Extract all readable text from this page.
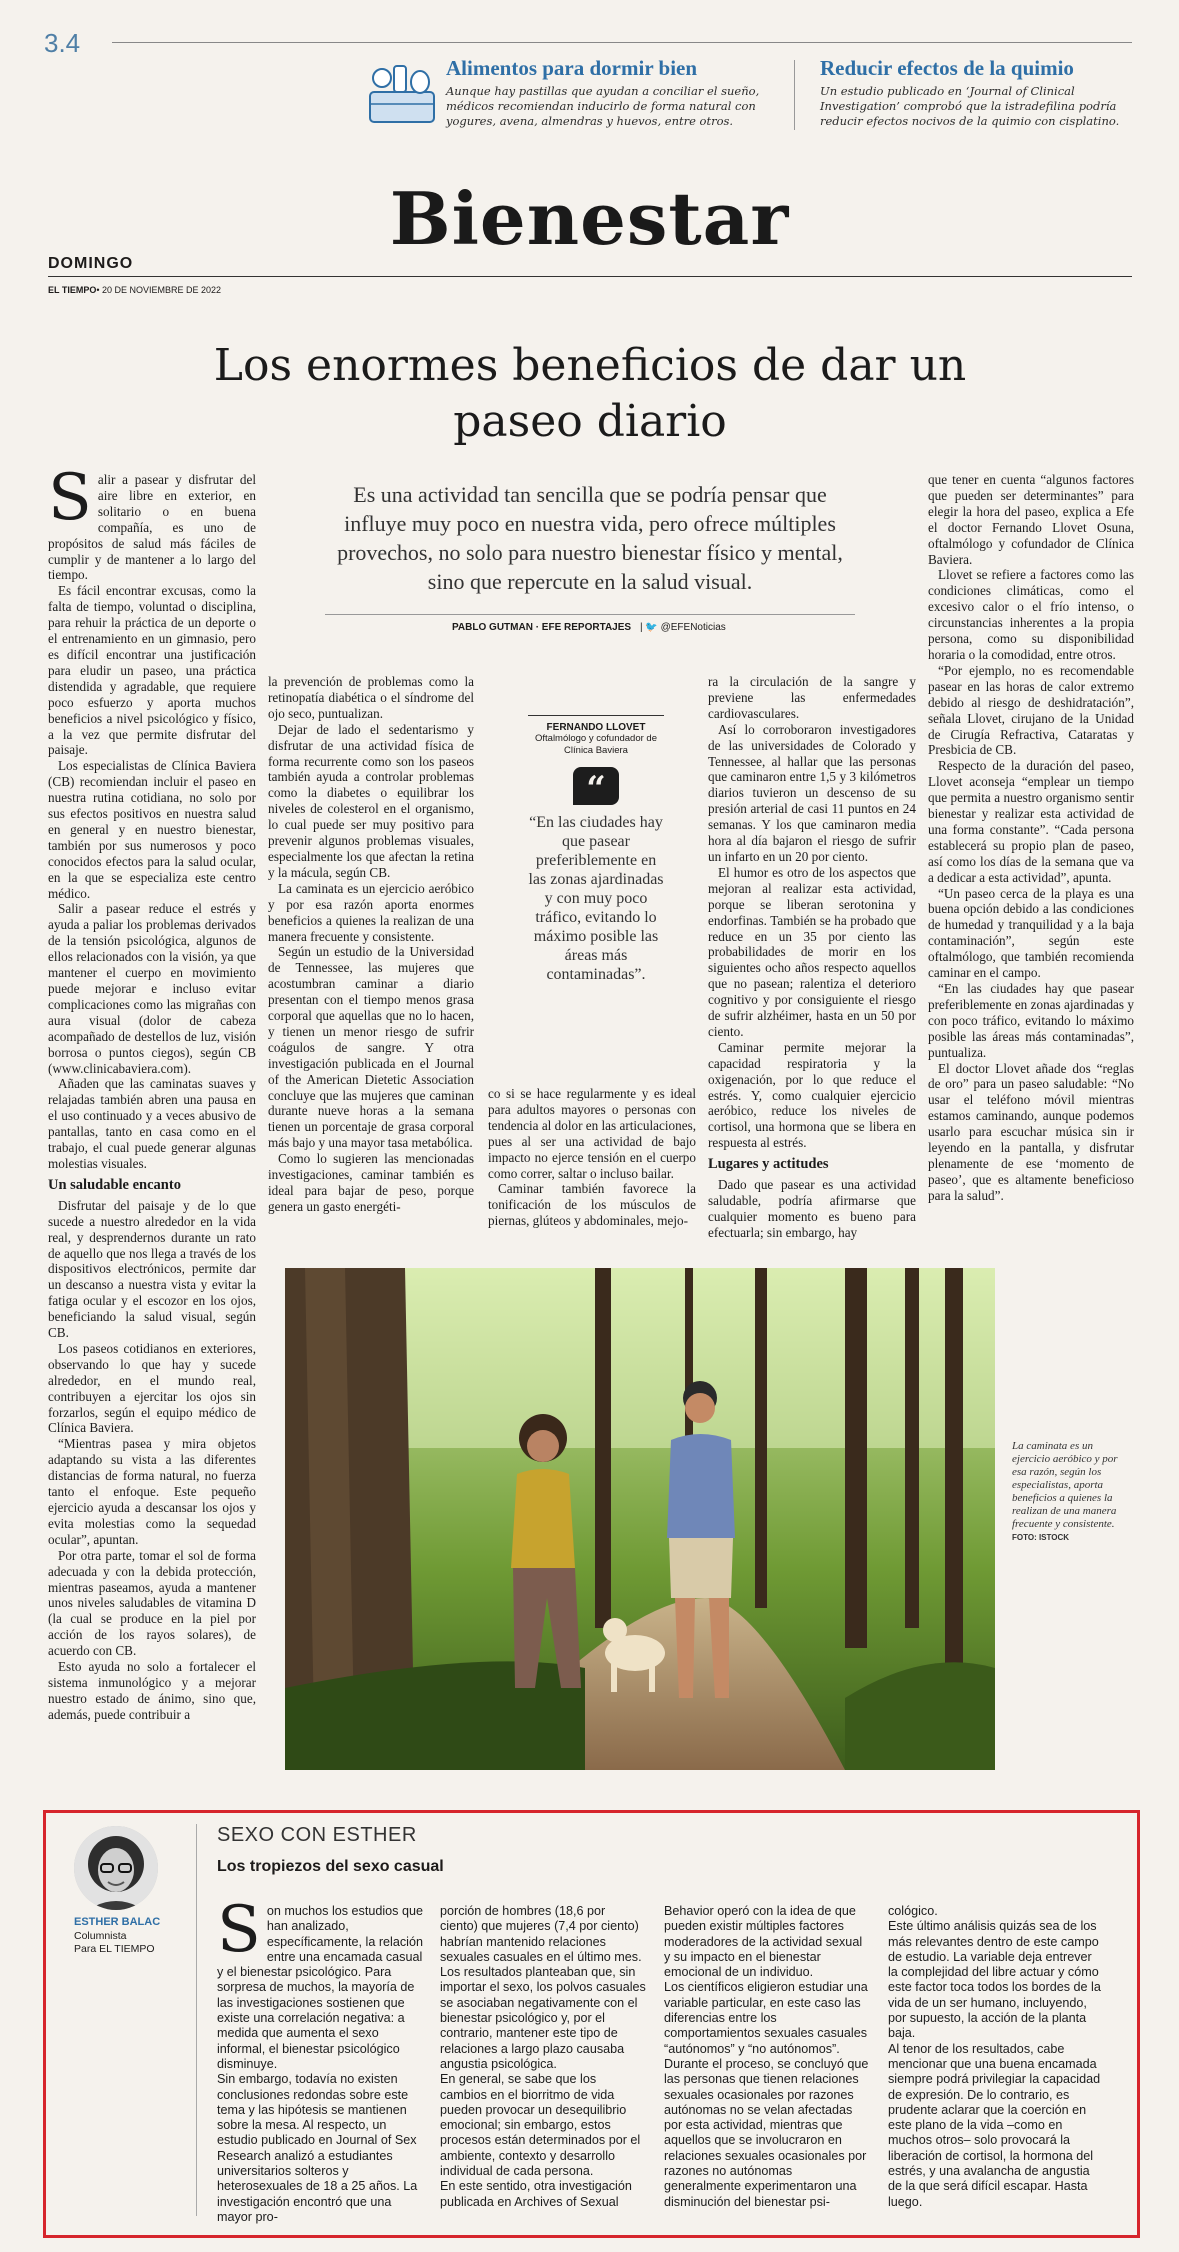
3.4
Alimentos para dormir bien
Aunque hay pastillas que ayudan a conciliar el sueño, médicos recomiendan inducirlo de forma natural con yogures, avena, almendras y huevos, entre otros.
Reducir efectos de la quimio
Un estudio publicado en ‘Journal of Clinical Investigation’ comprobó que la istradefilina podría reducir efectos nocivos de la quimio con cisplatino.
Bienestar
DOMINGO
EL TIEMPO• 20 DE NOVIEMBRE DE 2022
Los enormes beneficios de dar un paseo diario
Es una actividad tan sencilla que se podría pensar que influye muy poco en nuestra vida, pero ofrece múltiples provechos, no solo para nuestro bienestar físico y mental, sino que repercute en la salud visual.
PABLO GUTMAN · EFE REPORTAJES | 🐦 @EFENoticias

Salir a pasear y disfrutar del aire libre en exterior, en solitario o en buena compañía, es uno de propósitos de salud más fáciles de cumplir y de mantener a lo largo del tiempo.

Es fácil encontrar excusas, como la falta de tiempo, voluntad o disciplina, para rehuir la práctica de un deporte o el entrenamiento en un gimnasio, pero es difícil encontrar una justificación para eludir un paseo, una práctica distendida y agradable, que requiere poco esfuerzo y aporta muchos beneficios a nivel psicológico y físico, a la vez que permite disfrutar del paisaje.

Los especialistas de Clínica Baviera (CB) recomiendan incluir el paseo en nuestra rutina cotidiana, no solo por sus efectos positivos en nuestra salud en general y en nuestro bienestar, también por sus numerosos y poco conocidos efectos para la salud ocular, en la que se especializa este centro médico.

Salir a pasear reduce el estrés y ayuda a paliar los problemas derivados de la tensión psicológica, algunos de ellos relacionados con la visión, ya que mantener el cuerpo en movimiento puede mejorar e incluso evitar complicaciones como las migrañas con aura visual (dolor de cabeza acompañado de destellos de luz, visión borrosa o puntos ciegos), según CB (www.clinicabaviera.com).

Añaden que las caminatas suaves y relajadas también abren una pausa en el uso continuado y a veces abusivo de pantallas, tanto en casa como en el trabajo, el cual puede generar algunas molestias visuales.

Un saludable encanto

Disfrutar del paisaje y de lo que sucede a nuestro alrededor en la vida real, y desprendernos durante un rato de aquello que nos llega a través de los dispositivos electrónicos, permite dar un descanso a nuestra vista y evitar la fatiga ocular y el escozor en los ojos, beneficiando la salud visual, según CB.

Los paseos cotidianos en exteriores, observando lo que hay y sucede alrededor, en el mundo real, contribuyen a ejercitar los ojos sin forzarlos, según el equipo médico de Clínica Baviera.

“Mientras pasea y mira objetos adaptando su vista a las diferentes distancias de forma natural, no fuerza tanto el enfoque. Este pequeño ejercicio ayuda a descansar los ojos y evita molestias como la sequedad ocular”, apuntan.

Por otra parte, tomar el sol de forma adecuada y con la debida protección, mientras paseamos, ayuda a mantener unos niveles saludables de vitamina D (la cual se produce en la piel por acción de los rayos solares), de acuerdo con CB.

Esto ayuda no solo a fortalecer el sistema inmunológico y a mejorar nuestro estado de ánimo, sino que, además, puede contribuir a

la prevención de problemas como la retinopatía diabética o el síndrome del ojo seco, puntualizan.

Dejar de lado el sedentarismo y disfrutar de una actividad física de forma recurrente como son los paseos también ayuda a controlar problemas como la diabetes o equilibrar los niveles de colesterol en el organismo, lo cual puede ser muy positivo para prevenir algunos problemas visuales, especialmente los que afectan la retina y la mácula, según CB.

La caminata es un ejercicio aeróbico y por esa razón aporta enormes beneficios a quienes la realizan de una manera frecuente y consistente.

Según un estudio de la Universidad de Tennessee, las mujeres que acostumbran caminar a diario presentan con el tiempo menos grasa corporal que aquellas que no lo hacen, y tienen un menor riesgo de sufrir coágulos de sangre. Y otra investigación publicada en el Journal of the American Dietetic Association concluye que las mujeres que caminan durante nueve horas a la semana tienen un porcentaje de grasa corporal más bajo y una mayor tasa metabólica.

Como lo sugieren las mencionadas investigaciones, caminar también es ideal para bajar de peso, porque genera un gasto energéti-

FERNANDO LLOVET
Oftalmólogo y cofundador de Clínica Baviera
“
“En las ciudades hay que pasear preferiblemente en las zonas ajardinadas y con muy poco tráfico, evitando lo máximo posible las áreas más contaminadas”.

co si se hace regularmente y es ideal para adultos mayores o personas con tendencia al dolor en las articulaciones, pues al ser una actividad de bajo impacto no ejerce tensión en el cuerpo como correr, saltar o incluso bailar.

Caminar también favorece la tonificación de los músculos de piernas, glúteos y abdominales, mejo-

ra la circulación de la sangre y previene las enfermedades cardiovasculares.

Así lo corroboraron investigadores de las universidades de Colorado y Tennessee, al hallar que las personas que caminaron entre 1,5 y 3 kilómetros diarios tuvieron un descenso de su presión arterial de casi 11 puntos en 24 semanas. Y los que caminaron media hora al día bajaron el riesgo de sufrir un infarto en un 20 por ciento.

El humor es otro de los aspectos que mejoran al realizar esta actividad, porque se liberan serotonina y endorfinas. También se ha probado que reduce en un 35 por ciento las probabilidades de morir en los siguientes ocho años respecto aquellos que no pasean; ralentiza el deterioro cognitivo y por consiguiente el riesgo de sufrir alzhéimer, hasta en un 50 por ciento.

Caminar permite mejorar la capacidad respiratoria y la oxigenación, por lo que reduce el estrés. Y, como cualquier ejercicio aeróbico, reduce los niveles de cortisol, una hormona que se libera en respuesta al estrés.

Lugares y actitudes

Dado que pasear es una actividad saludable, podría afirmarse que cualquier momento es bueno para efectuarla; sin embargo, hay

que tener en cuenta “algunos factores que pueden ser determinantes” para elegir la hora del paseo, explica a Efe el doctor Fernando Llovet Osuna, oftalmólogo y cofundador de Clínica Baviera.

Llovet se refiere a factores como las condiciones climáticas, como el excesivo calor o el frío intenso, o circunstancias inherentes a la propia persona, como su disponibilidad horaria o la comodidad, entre otros.

“Por ejemplo, no es recomendable pasear en las horas de calor extremo debido al riesgo de deshidratación”, señala Llovet, cirujano de la Unidad de Cirugía Refractiva, Cataratas y Presbicia de CB.

Respecto de la duración del paseo, Llovet aconseja “emplear un tiempo que permita a nuestro organismo sentir bienestar y realizar esta actividad de una forma constante”. “Cada persona establecerá su propio plan de paseo, así como los días de la semana que va a dedicar a esta actividad”, apunta.

“Un paseo cerca de la playa es una buena opción debido a las condiciones de humedad y tranquilidad y a la baja contaminación”, según este oftalmólogo, que también recomienda caminar en el campo.

“En las ciudades hay que pasear preferiblemente en zonas ajardinadas y con poco tráfico, evitando lo máximo posible las áreas más contaminadas”, puntualiza.

El doctor Llovet añade dos “reglas de oro” para un paseo saludable: “No usar el teléfono móvil mientras estamos caminando, aunque podemos usarlo para escuchar música sin ir leyendo en la pantalla, y disfrutar plenamente de ese ‘momento de paseo’, que es altamente beneficioso para la salud”.

La caminata es un ejercicio aeróbico y por esa razón, según los especialistas, aporta beneficios a quienes la realizan de una manera frecuente y consistente.
FOTO: ISTOCK
ESTHER BALAC
Columnista
Para EL TIEMPO
SEXO CON ESTHER
Los tropiezos del sexo casual

Son muchos los estudios que han analizado, específicamente, la relación entre una encamada casual y el bienestar psicológico. Para sorpresa de muchos, la mayoría de las investigaciones sostienen que existe una correlación negativa: a medida que aumenta el sexo informal, el bienestar psicológico disminuye.

Sin embargo, todavía no existen conclusiones redondas sobre este tema y las hipótesis se mantienen sobre la mesa. Al respecto, un estudio publicado en Journal of Sex Research analizó a estudiantes universitarios solteros y heterosexuales de 18 a 25 años. La investigación encontró que una mayor pro-

porción de hombres (18,6 por ciento) que mujeres (7,4 por ciento) habrían mantenido relaciones sexuales casuales en el último mes. Los resultados planteaban que, sin importar el sexo, los polvos casuales se asociaban negativamente con el bienestar psicológico y, por el contrario, mantener este tipo de relaciones a largo plazo causaba angustia psicológica.

En general, se sabe que los cambios en el biorritmo de vida pueden provocar un desequilibrio emocional; sin embargo, estos procesos están determinados por el ambiente, contexto y desarrollo individual de cada persona.

En este sentido, otra investigación publicada en Archives of Sexual

Behavior operó con la idea de que pueden existir múltiples factores moderadores de la actividad sexual y su impacto en el bienestar emocional de un individuo.

Los científicos eligieron estudiar una variable particular, en este caso las diferencias entre los comportamientos sexuales casuales “autónomos” y “no autónomos”. Durante el proceso, se concluyó que las personas que tienen relaciones sexuales ocasionales por razones autónomas no se velan afectadas por esta actividad, mientras que aquellos que se involucraron en relaciones sexuales ocasionales por razones no autónomas generalmente experimentaron una disminución del bienestar psi-

cológico.

Este último análisis quizás sea de los más relevantes dentro de este campo de estudio. La variable deja entrever la complejidad del libre actuar y cómo este factor toca todos los bordes de la vida de un ser humano, incluyendo, por supuesto, la acción de la planta baja.

Al tenor de los resultados, cabe mencionar que una buena encamada siempre podrá privilegiar la capacidad de expresión. De lo contrario, es prudente aclarar que la coerción en este plano de la vida –como en muchos otros– solo provocará la liberación de cortisol, la hormona del estrés, y una avalancha de angustia de la que será difícil escapar. Hasta luego.
